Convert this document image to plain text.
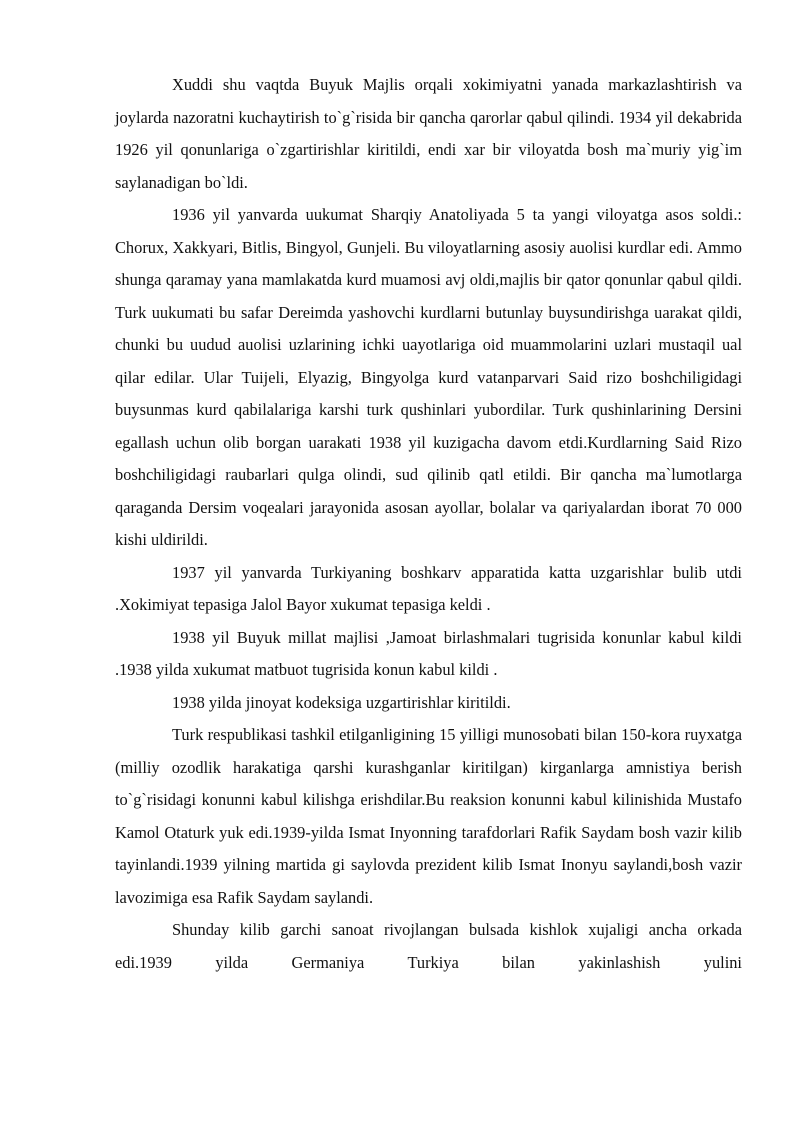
Xuddi shu vaqtda Buyuk Majlis orqali xokimiyatni yanada markazlashtirish va joylarda nazoratni kuchaytirish to`g`risida bir qancha qarorlar qabul qilindi. 1934 yil dekabrida 1926 yil qonunlariga o`zgartirishlar kiritildi, endi xar bir viloyatda bosh ma`muriy yig`im saylanadigan bo`ldi.

1936 yil yanvarda uukumat Sharqiy Anatoliyada 5 ta yangi viloyatga asos soldi.: Chorux, Xakkyari, Bitlis, Bingyol, Gunjeli. Bu viloyatlarning asosiy auolisi kurdlar edi. Ammo shunga qaramay yana mamlakatda kurd muamosi avj oldi,majlis bir qator qonunlar qabul qildi. Turk uukumati bu safar Dereimda yashovchi kurdlarni butunlay buysundirishga uarakat qildi, chunki bu uudud auolisi uzlarining ichki uayotlariga oid muammolarini uzlari mustaqil ual qilar edilar. Ular Tuijeli, Elyazig, Bingyolga kurd vatanparvari Said rizo boshchiligidagi buysunmas kurd qabilalariga karshi turk qushinlari yubordilar. Turk qushinlarining Dersini egallash uchun olib borgan uarakati 1938 yil kuzigacha davom etdi.Kurdlarning Said Rizo boshchiligidagi raubarlari qulga olindi, sud qilinib qatl etildi. Bir qancha ma`lumotlarga qaraganda Dersim voqealari jarayonida asosan ayollar, bolalar va qariyalardan iborat 70 000 kishi uldirildi.

1937 yil yanvarda Turkiyaning boshkarv apparatida katta uzgarishlar bulib utdi .Xokimiyat tepasiga Jalol Bayor xukumat tepasiga keldi .

1938 yil Buyuk millat majlisi ,Jamoat birlashmalari tugrisida konunlar kabul kildi .1938 yilda xukumat matbuot tugrisida konun kabul kildi .

1938 yilda jinoyat kodeksiga uzgartirishlar kiritildi.

Turk respublikasi tashkil etilganligining 15 yilligi munosobati bilan 150-kora ruyxatga (milliy ozodlik harakatiga qarshi kurashganlar kiritilgan) kirganlarga amnistiya berish to`g`risidagi konunni kabul kilishga erishdilar.Bu reaksion konunni kabul kilinishida Mustafo Kamol Otaturk yuk edi.1939-yilda Ismat Inyonning tarafdorlari Rafik Saydam bosh vazir kilib tayinlandi.1939 yilning martida gi saylovda prezident kilib Ismat Inonyu saylandi,bosh vazir lavozimiga esa Rafik Saydam saylandi.

Shunday kilib garchi sanoat rivojlangan bulsada kishlok xujaligi ancha orkada edi.1939 yilda Germaniya Turkiya bilan yakinlashish yulini
